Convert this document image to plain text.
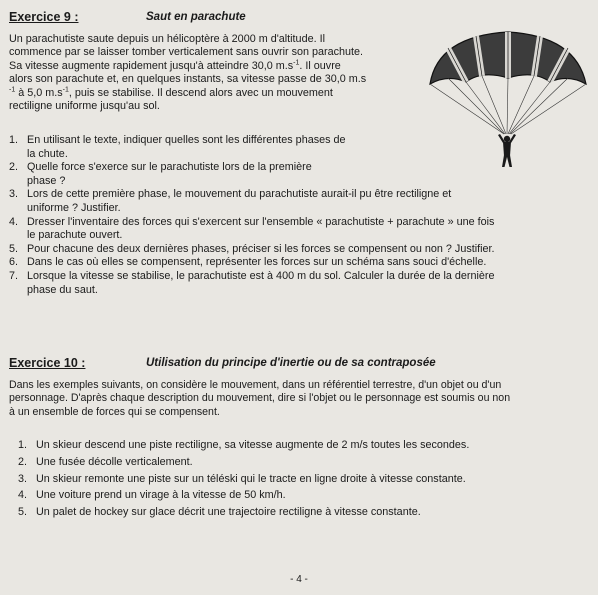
Exercice 9 :	Saut en parachute
Un parachutiste saute depuis un hélicoptère à 2000 m d'altitude. Il
commence par se laisser tomber verticalement sans ouvrir son parachute.
Sa vitesse augmente rapidement jusqu'à atteindre 30,0 $m.s^{-1}$. Il ouvre
alors son parachute et, en quelques instants, sa vitesse passe de 30,0 m.s
$^{-1}$ à 5,0 $m.s^{-1}$, puis se stabilise. Il descend alors avec un mouvement
rectiligne uniforme jusqu'au sol.
1. En utilisant le texte, indiquer quelles sont les différentes phases de
la chute.
2. Quelle force s'exerce sur le parachutiste lors de la première
phase ?
3. Lors de cette première phase, le mouvement du parachutiste aurait-il pu être rectiligne et
uniforme ? Justifier.
4. Dresser l'inventaire des forces qui s'exercent sur l'ensemble « parachutiste + parachute » une fois
le parachute ouvert.
5. Pour chacune des deux dernières phases, préciser si les forces se compensent ou non ? Justifier.
6. Dans le cas où elles se compensent, représenter les forces sur un schéma sans souci d'échelle.
7. Lorsque la vitesse se stabilise, le parachutiste est à 400 m du sol. Calculer la durée de la dernière
phase du saut.
Exercice 10 :	Utilisation du principe d'inertie ou de sa contraposée
Dans les exemples suivants, on considère le mouvement, dans un référentiel terrestre, d'un objet ou d'un
personnage. D'après chaque description du mouvement, dire si l'objet ou le personnage est soumis ou non
à un ensemble de forces qui se compensent.
1. Un skieur descend une piste rectiligne, sa vitesse augmente de 2 m/s toutes les secondes.
2. Une fusée décolle verticalement.
3. Un skieur remonte une piste sur un téléski qui le tracte en ligne droite à vitesse constante.
4. Une voiture prend un virage à la vitesse de 50 km/h.
5. Un palet de hockey sur glace décrit une trajectoire rectiligne à vitesse constante.
- 4 -
